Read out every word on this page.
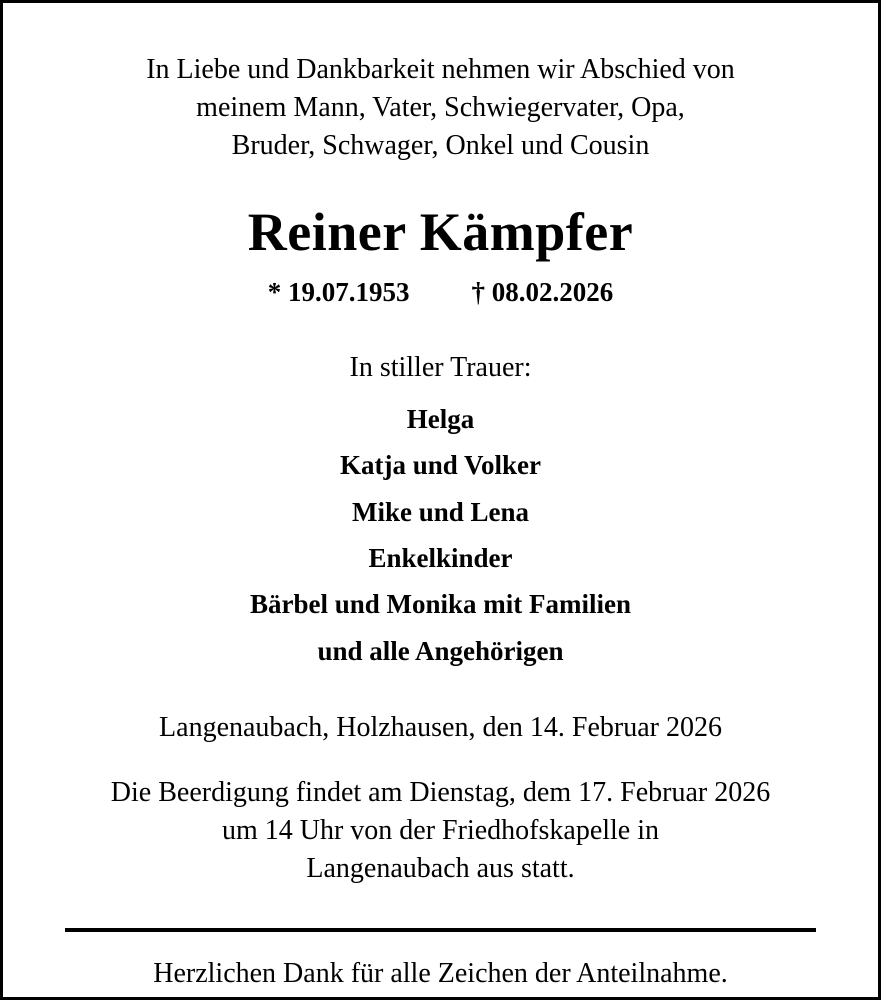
In Liebe und Dankbarkeit nehmen wir Abschied von
meinem Mann, Vater, Schwiegervater, Opa,
Bruder, Schwager, Onkel und Cousin
Reiner Kämpfer
* 19.07.1953 † 08.02.2026
In stiller Trauer:
Helga
Katja und Volker
Mike und Lena
Enkelkinder
Bärbel und Monika mit Familien
und alle Angehörigen
Langenaubach, Holzhausen, den 14. Februar 2026
Die Beerdigung findet am Dienstag, dem 17. Februar 2026
um 14 Uhr von der Friedhofskapelle in
Langenaubach aus statt.
Herzlichen Dank für alle Zeichen der Anteilnahme.
